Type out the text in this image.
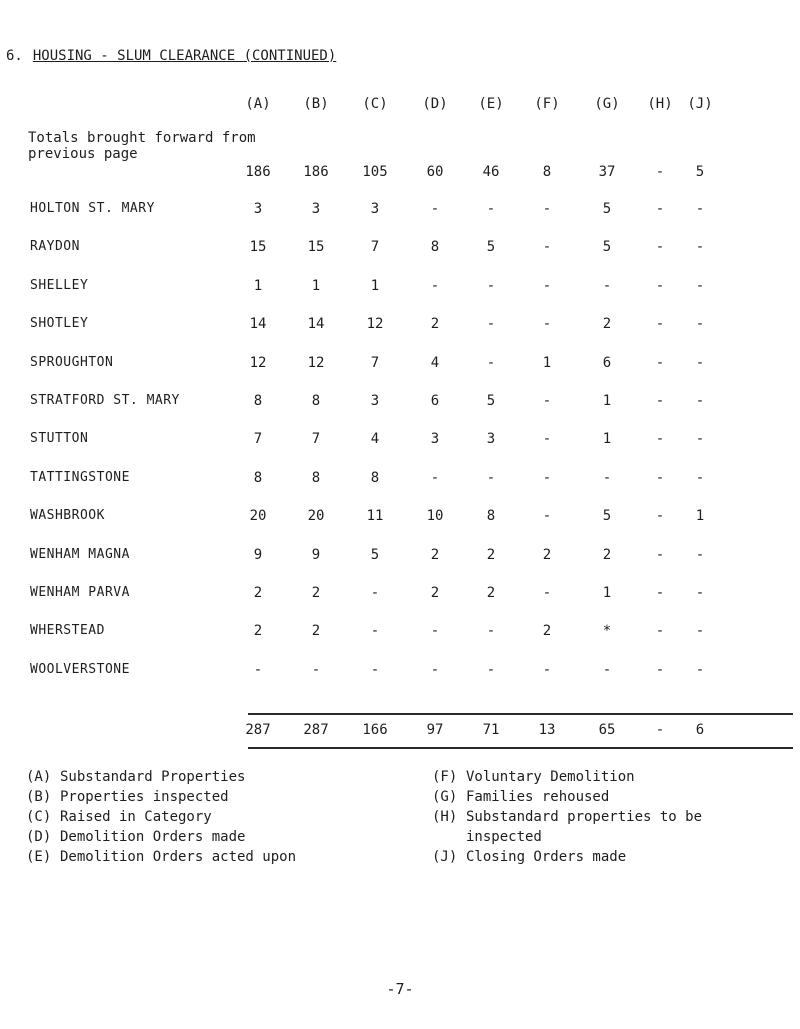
6. HOUSING - SLUM CLEARANCE (CONTINUED)
(A)	(B)	(C)	(D)	(E)	(F)	(G)	(H)	(J)
Totals brought forward from
previous page
186	186	105	60	46	8	37	-	5
HOLTON ST. MARY	3	3	3	-	-	-	5	-	-
RAYDON	15	15	7	8	5	-	5	-	-
SHELLEY	1	1	1	-	-	-	-	-	-
SHOTLEY	14	14	12	2	-	-	2	-	-
SPROUGHTON	12	12	7	4	-	1	6	-	-
STRATFORD ST. MARY	8	8	3	6	5	-	1	-	-
STUTTON	7	7	4	3	3	-	1	-	-
TATTINGSTONE	8	8	8	-	-	-	-	-	-
WASHBROOK	20	20	11	10	8	-	5	-	1
WENHAM MAGNA	9	9	5	2	2	2	2	-	-
WENHAM PARVA	2	2	-	2	2	-	1	-	-
WHERSTEAD	2	2	-	-	-	2	*	-	-
WOOLVERSTONE	-	-	-	-	-	-	-	-	-
287	287	166	97	71	13	65	-	6
(A) Substandard Properties
(B) Properties inspected
(C) Raised in Category
(D) Demolition Orders made
(E) Demolition Orders acted upon
(F) Voluntary Demolition
(G) Families rehoused
(H) Substandard properties to be
inspected
(J) Closing Orders made
-7-
